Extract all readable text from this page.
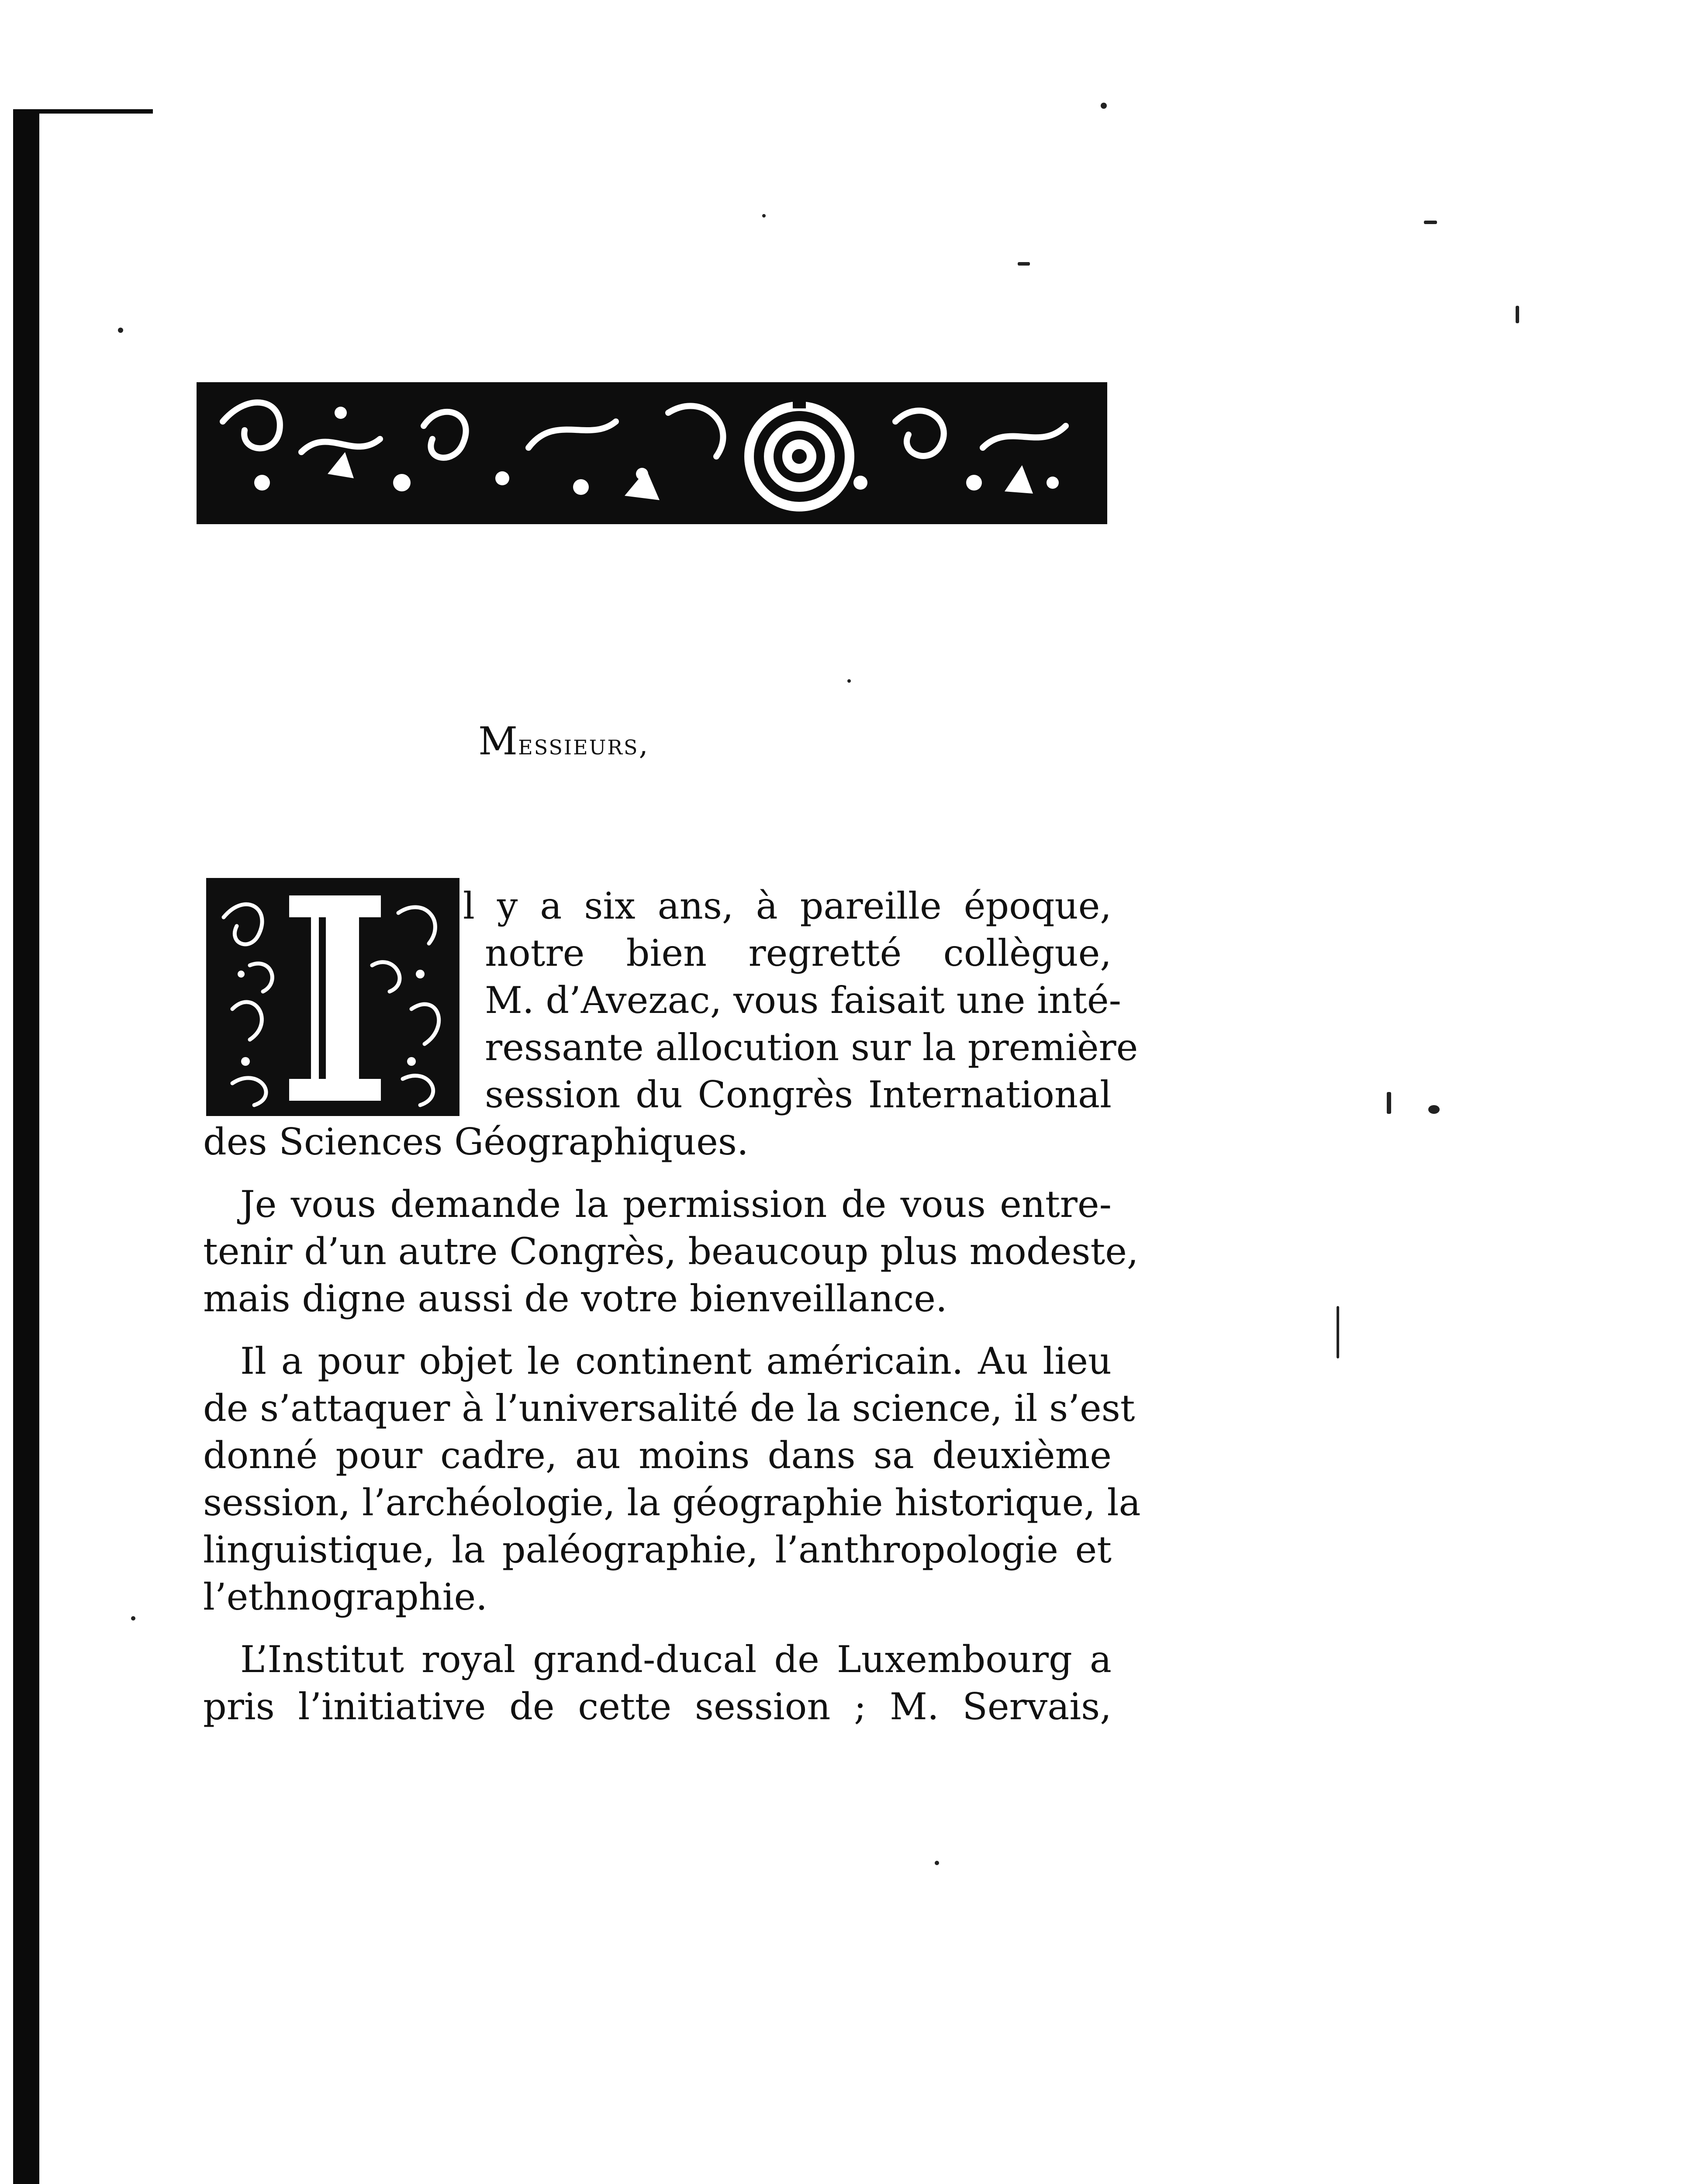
Messieurs,
l y a six ans, à pareille époque,
notre bien regretté collègue,
M. d’Avezac, vous faisait une inté-
ressante allocution sur la première
session du Congrès International
des Sciences Géographiques.
Je vous demande la permission de vous entre-
tenir d’un autre Congrès, beaucoup plus modeste,
mais digne aussi de votre bienveillance.
Il a pour objet le continent américain. Au lieu
de s’attaquer à l’universalité de la science, il s’est
donné pour cadre, au moins dans sa deuxième
session, l’archéologie, la géographie historique, la
linguistique, la paléographie, l’anthropologie et
l’ethnographie.
L’Institut royal grand-ducal de Luxembourg a
pris l’initiative de cette session ; M. Servais,
